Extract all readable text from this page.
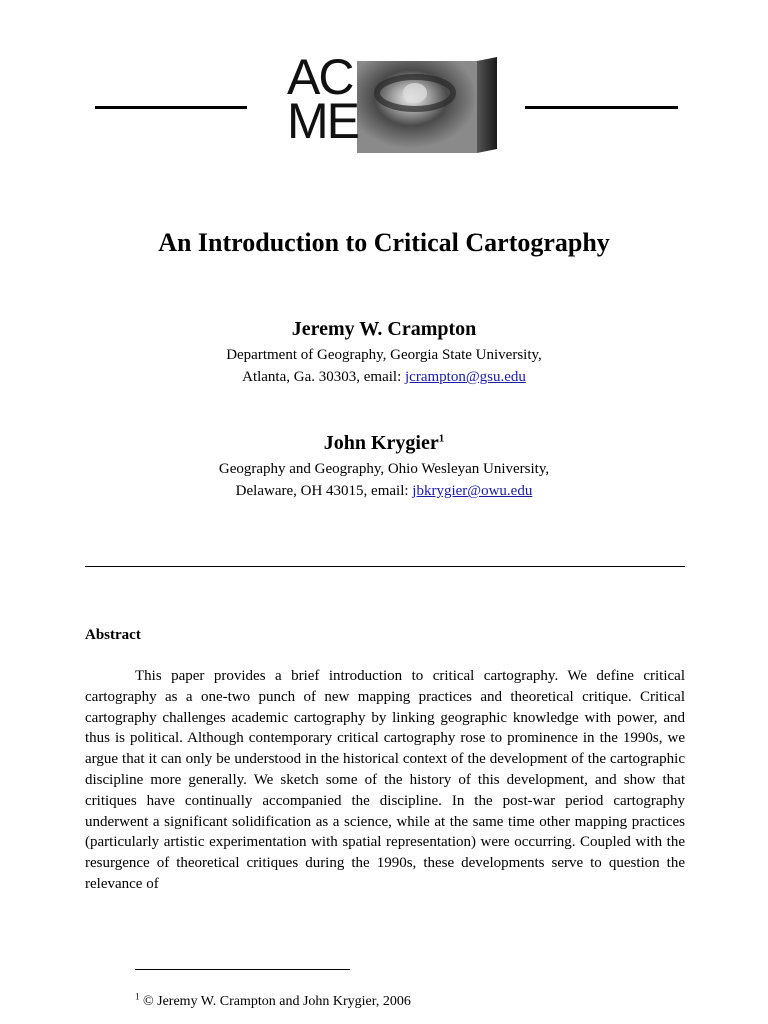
AC
ME
An Introduction to Critical Cartography
Jeremy W. Crampton
Department of Geography, Georgia State University,
Atlanta, Ga. 30303, email: jcrampton@gsu.edu
John Krygier$^1$
Geography and Geography, Ohio Wesleyan University,
Delaware, OH 43015, email: jbkrygier@owu.edu
Abstract

This paper provides a brief introduction to critical cartography. We define critical cartography as a one-two punch of new mapping practices and theoretical critique. Critical cartography challenges academic cartography by linking geographic knowledge with power, and thus is political. Although contemporary critical cartography rose to prominence in the 1990s, we argue that it can only be understood in the historical context of the development of the cartographic discipline more generally. We sketch some of the history of this development, and show that critiques have continually accompanied the discipline. In the post-war period cartography underwent a significant solidification as a science, while at the same time other mapping practices (particularly artistic experimentation with spatial representation) were occurring. Coupled with the resurgence of theoretical critiques during the 1990s, these developments serve to question the relevance of

$^1$ © Jeremy W. Crampton and John Krygier, 2006
